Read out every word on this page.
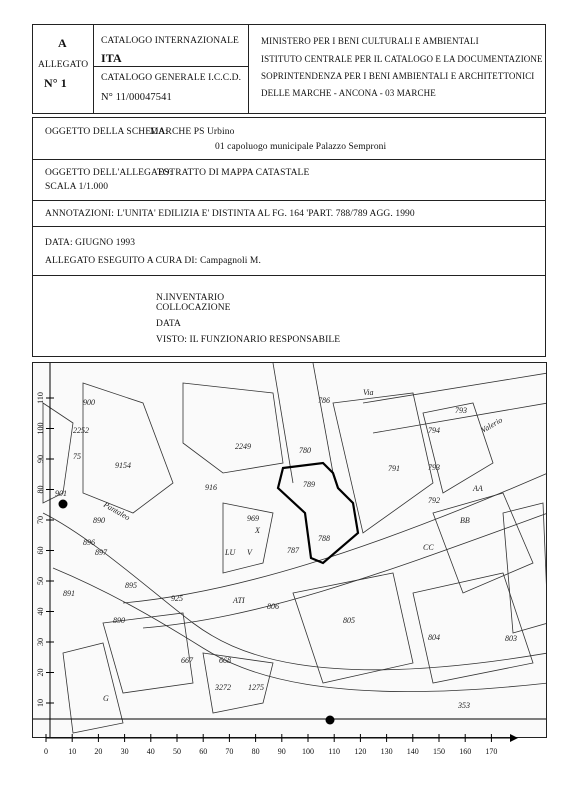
A
ALLEGATO
N° 1
CATALOGO INTERNAZIONALE
ITA
CATALOGO GENERALE I.C.C.D.
N° 11/00047541
MINISTERO PER I BENI CULTURALI E AMBIENTALI
ISTITUTO CENTRALE PER IL CATALOGO E LA DOCUMENTAZIONE
SOPRINTENDENZA PER I BENI AMBIENTALI E ARCHITETTONICI
DELLE MARCHE - ANCONA - 03 MARCHE
OGGETTO DELLA SCHEDA:
MARCHE PS Urbino
01 capoluogo municipale Palazzo Semproni
OGGETTO DELL'ALLEGATO:
ESTRATTO DI MAPPA CATASTALE
SCALA 1/1.000
ANNOTAZIONI: L'UNITA' EDILIZIA E' DISTINTA AL FG. 164 'PART. 788/789 AGG. 1990
DATA: GIUGNO 1993
ALLEGATO ESEGUITO A CURA DI: Campagnoli M.
N.INVENTARIO
COLLOCAZIONE
DATA
VISTO: IL FUNZIONARIO RESPONSABILE
900
2252
75
901
9154
916
2249
786
Via
793
794
780
791
789
793
792
969
788
787
X
V
LU
AA
BB
CC
Pantaleo
Valerio
890
896
897
891
895
925
890
ATI
806
805
804
667	668
G
803
3272 1275
353
10
20
30
40
50
60
70
80
90
100
110
0	10 20 30 40 50 60 70 80 90 100 110 120 130 140 150 160 170
